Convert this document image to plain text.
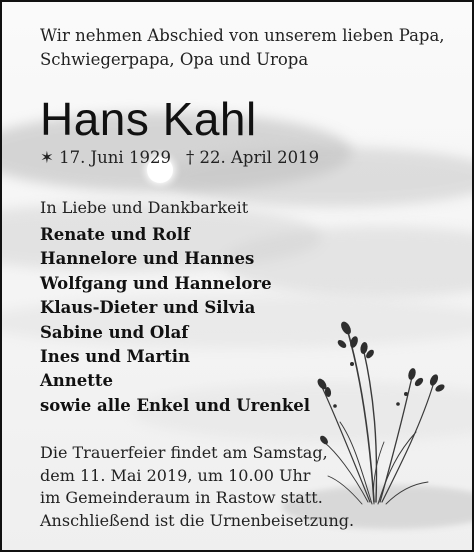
Wir nehmen Abschied von unserem lieben Papa,
Schwiegerpapa, Opa und Uropa
Hans Kahl
✶ 17. Juni 1929 † 22. April 2019
In Liebe und Dankbarkeit
Renate und Rolf
Hannelore und Hannes
Wolfgang und Hannelore
Klaus-Dieter und Silvia
Sabine und Olaf
Ines und Martin
Annette
sowie alle Enkel und Urenkel
Die Trauerfeier findet am Samstag,
dem 11. Mai 2019, um 10.00 Uhr
im Gemeinderaum in Rastow statt.
Anschließend ist die Urnenbeisetzung.
